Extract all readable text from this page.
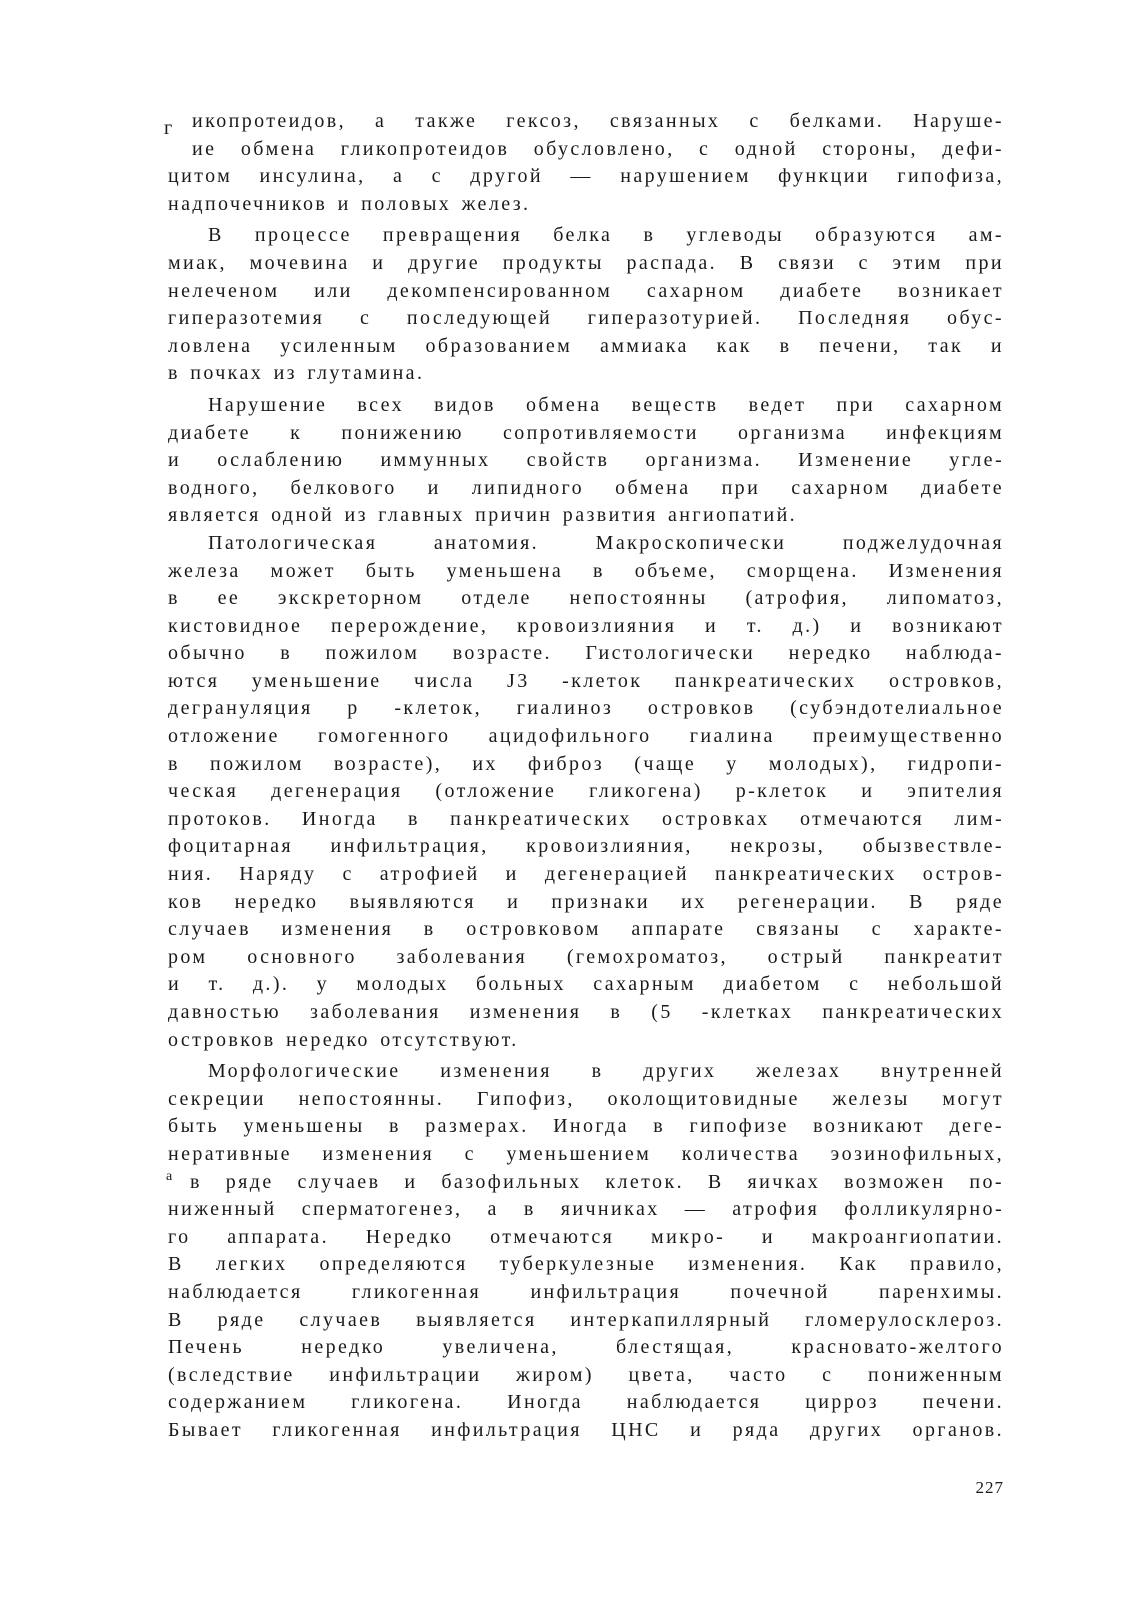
г икопротеидов, а также гексоз, связанных с белками. Наруше-
ие обмена гликопротеидов обусловлено, с одной стороны, дефи-
цитом инсулина, а с другой — нарушением функции гипофиза,
надпочечников и половых желез.
В процессе превращения белка в углеводы образуются ам-
миак, мочевина и другие продукты распада. В связи с этим при
нелеченом или декомпенсированном сахарном диабете возникает
гиперазотемия с последующей гиперазотурией. Последняя обус-
ловлена усиленным образованием аммиака как в печени, так и
в почках из глутамина.
Нарушение всех видов обмена веществ ведет при сахарном
диабете к понижению сопротивляемости организма инфекциям
и ослаблению иммунных свойств организма. Изменение угле-
водного, белкового и липидного обмена при сахарном диабете
является одной из главных причин развития ангиопатий.
Патологическая анатомия. Макроскопически поджелудочная
железа может быть уменьшена в объеме, сморщена. Изменения
в ее экскреторном отделе непостоянны (атрофия, липоматоз,
кистовидное перерождение, кровоизлияния и т. д.) и возникают
обычно в пожилом возрасте. Гистологически нередко наблюда-
ются уменьшение числа J3 -клеток панкреатических островков,
дегрануляция р -клеток, гиалиноз островков (субэндотелиальное
отложение гомогенного ацидофильного гиалина преимущественно
в пожилом возрасте), их фиброз (чаще у молодых), гидропи-
ческая дегенерация (отложение гликогена) р-клеток и эпителия
протоков. Иногда в панкреатических островках отмечаются лим-
фоцитарная инфильтрация, кровоизлияния, некрозы, обызвествле-
ния. Наряду с атрофией и дегенерацией панкреатических остров-
ков нередко выявляются и признаки их регенерации. В ряде
случаев изменения в островковом аппарате связаны с характе-
ром основного заболевания (гемохроматоз, острый панкреатит
и т. д.). у молодых больных сахарным диабетом с небольшой
давностью заболевания изменения в (5 -клетках панкреатических
островков нередко отсутствуют.
Морфологические изменения в других железах внутренней
секреции непостоянны. Гипофиз, околощитовидные железы могут
быть уменьшены в размерах. Иногда в гипофизе возникают деге-
неративные изменения с уменьшением количества эозинофильных,
а в ряде случаев и базофильных клеток. В яичках возможен по-
ниженный сперматогенез, а в яичниках — атрофия фолликулярно-
го аппарата. Нередко отмечаются микро- и макроангиопатии.
В легких определяются туберкулезные изменения. Как правило,
наблюдается гликогенная инфильтрация почечной паренхимы.
В ряде случаев выявляется интеркапиллярный гломерулосклероз.
Печень нередко увеличена, блестящая, красновато-желтого
(вследствие инфильтрации жиром) цвета, часто с пониженным
содержанием гликогена. Иногда наблюдается цирроз печени.
Бывает гликогенная инфильтрация ЦНС и ряда других органов.
227
